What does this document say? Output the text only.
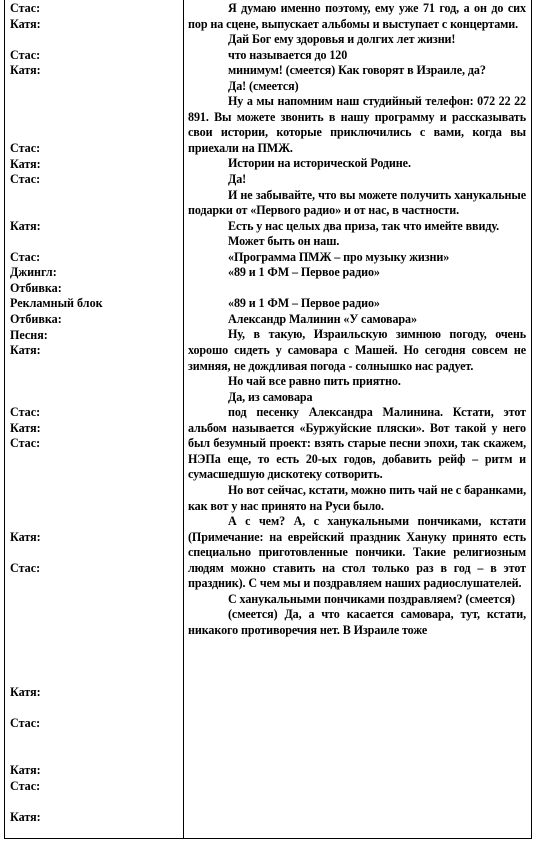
Стас:
Катя:
Стас:
Катя:
Стас:
Катя:
Стас:
Катя:
Стас:
Джингл:
Отбивка:
Рекламный блок
Отбивка:
Песня:
Катя:
Стас:
Катя:
Стас:
Катя:
Стас:
Катя:
Стас:
Катя:
Стас:
Катя:

Я думаю именно поэтому, ему уже 71 год, а он до сих пор на сцене, выпускает альбомы и выступает с концертами.

Дай Бог ему здоровья и долгих лет жизни!

что называется до 120

минимум! (смеется) Как говорят в Израиле, да?

Да! (смеется)

Ну а мы напомним наш студийный телефон: 072 22 22 891. Вы можете звонить в нашу программу и рассказывать свои истории, которые приключились с вами, когда вы приехали на ПМЖ.

Истории на исторической Родине.

Да!

И не забывайте, что вы можете получить ханукальные подарки от «Первого радио» и от нас, в частности.

Есть у нас целых два приза, так что имейте ввиду.

Может быть он наш.

«Программа ПМЖ – про музыку жизни»

«89 и 1 ФМ – Первое радио»

«89 и 1 ФМ – Первое радио»

Александр Малинин «У самовара»

Ну, в такую, Израильскую зимнюю погоду, очень хорошо сидеть у самовара с Машей. Но сегодня совсем не зимняя, не дождливая погода - солнышко нас радует.

Но чай все равно пить приятно.

Да, из самовара

под песенку Александра Малинина. Кстати, этот альбом называется «Буржуйские пляски». Вот такой у него был безумный проект: взять старые песни эпохи, так скажем, НЭПа еще, то есть 20-ых годов, добавить рейф – ритм и сумасшедшую дискотеку сотворить.

Но вот сейчас, кстати, можно пить чай не с баранками, как вот у нас принято на Руси было.

А с чем? А, с ханукальными пончиками, кстати (Примечание: на еврейский праздник Хануку принято есть специально приготовленные пончики. Такие религиозным людям можно ставить на стол только раз в год – в этот праздник). С чем мы и поздравляем наших радиослушателей.

С ханукальными пончиками поздравляем? (смеется)

(смеется) Да, а что касается самовара, тут, кстати, никакого противоречия нет. В Израиле тоже
